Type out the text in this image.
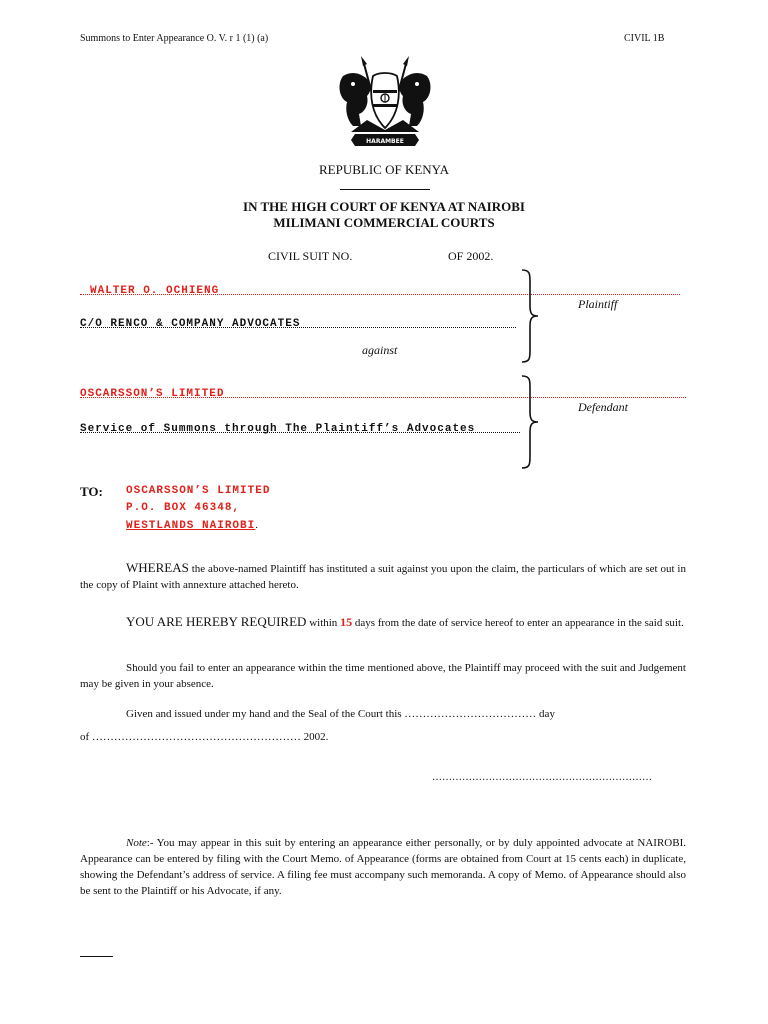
Summons to Enter Appearance O. V. r 1 (1) (a)	CIVIL 1B
HARAMBEE
REPUBLIC OF KENYA
IN THE HIGH COURT OF KENYA AT NAIROBI
MILIMANI COMMERCIAL COURTS
CIVIL SUIT NO.	OF 2002.
WALTER O. OCHIENG
C/O RENCO & COMPANY ADVOCATES
Plaintiff
against
OSCARSSON’S LIMITED
Service of Summons through The Plaintiff’s Advocates
Defendant
TO: OSCARSSON’S LIMITED
P.O. BOX 46348,
WESTLANDS NAIROBI.
WHEREAS the above-named Plaintiff has instituted a suit against you upon the claim, the particulars of which are set out in the copy of Plaint with annexture attached hereto.
YOU ARE HEREBY REQUIRED within 15 days from the date of service hereof to enter an appearance in the said suit.
Should you fail to enter an appearance within the time mentioned above, the Plaintiff may proceed with the suit and Judgement may be given in your absence.
Given and issued under my hand and the Seal of the Court this ……………………………… day
of ………………………………………………… 2002.
…………………………………………………………
Note:- You may appear in this suit by entering an appearance either personally, or by duly appointed advocate at NAIROBI. Appearance can be entered by filing with the Court Memo. of Appearance (forms are obtained from Court at 15 cents each) in duplicate, showing the Defendant’s address of service. A filing fee must accompany such memoranda. A copy of Memo. of Appearance should also be sent to the Plaintiff or his Advocate, if any.
